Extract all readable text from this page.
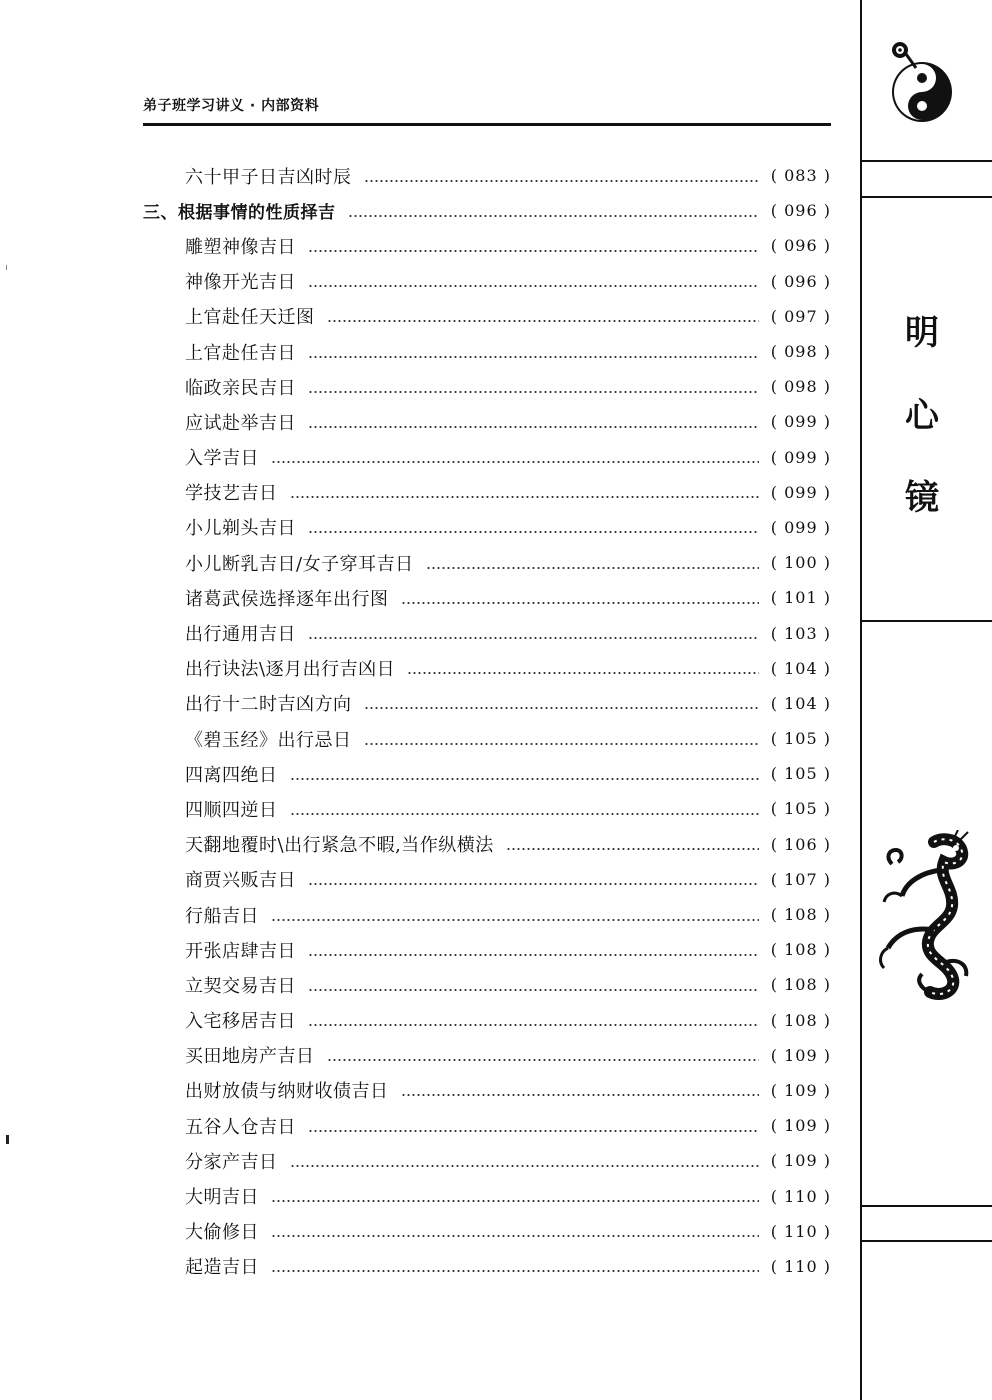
弟子班学习讲义 · 内部资料
六十甲子日吉凶时辰	( 083 )
三、根据事情的性质择吉	( 096 )
雕塑神像吉日	( 096 )
神像开光吉日	( 096 )
上官赴任天迁图	( 097 )
上官赴任吉日	( 098 )
临政亲民吉日	( 098 )
应试赴举吉日	( 099 )
入学吉日	( 099 )
学技艺吉日	( 099 )
小儿剃头吉日	( 099 )
小儿断乳吉日/女子穿耳吉日	( 100 )
诸葛武侯选择逐年出行图	( 101 )
出行通用吉日	( 103 )
出行诀法\逐月出行吉凶日	( 104 )
出行十二时吉凶方向	( 104 )
《碧玉经》出行忌日	( 105 )
四离四绝日	( 105 )
四顺四逆日	( 105 )
天翻地覆时\出行紧急不暇,当作纵横法	( 106 )
商贾兴贩吉日	( 107 )
行船吉日	( 108 )
开张店肆吉日	( 108 )
立契交易吉日	( 108 )
入宅移居吉日	( 108 )
买田地房产吉日	( 109 )
出财放债与纳财收债吉日	( 109 )
五谷人仓吉日	( 109 )
分家产吉日	( 109 )
大明吉日	( 110 )
大偷修日	( 110 )
起造吉日	( 110 )
明
心
镜
